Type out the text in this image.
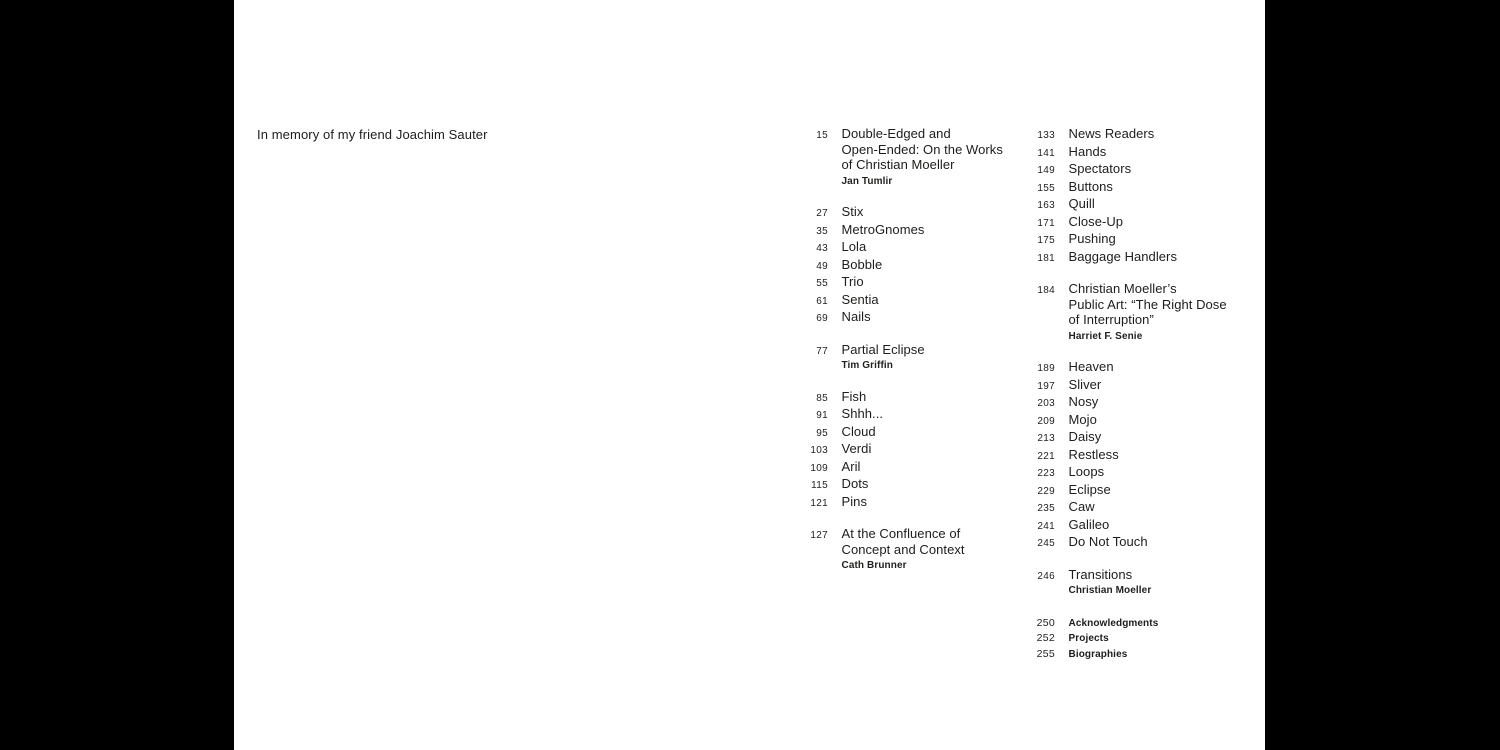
In memory of my friend Joachim Sauter	15 Double-Edged and
Open-Ended: On the Works
of Christian Moeller
Jan Tumlir
27 Stix
35 MetroGnomes
43 Lola
49 Bobble
55 Trio
61 Sentia
69 Nails
77 Partial Eclipse
Tim Griffin
85 Fish
91 Shhh...
95 Cloud
103 Verdi
109 Aril
115 Dots
121 Pins
127 At the Confluence of
Concept and Context
Cath Brunner
133 News Readers
141 Hands
149 Spectators
155 Buttons
163 Quill
171 Close-Up
175 Pushing
181 Baggage Handlers
184 Christian Moeller’s
Public Art: “The Right Dose
of Interruption”
Harriet F. Senie
189 Heaven
197 Sliver
203 Nosy
209 Mojo
213 Daisy
221 Restless
223 Loops
229 Eclipse
235 Caw
241 Galileo
245 Do Not Touch
246 Transitions
Christian Moeller
250 Acknowledgments
252 Projects
255 Biographies
